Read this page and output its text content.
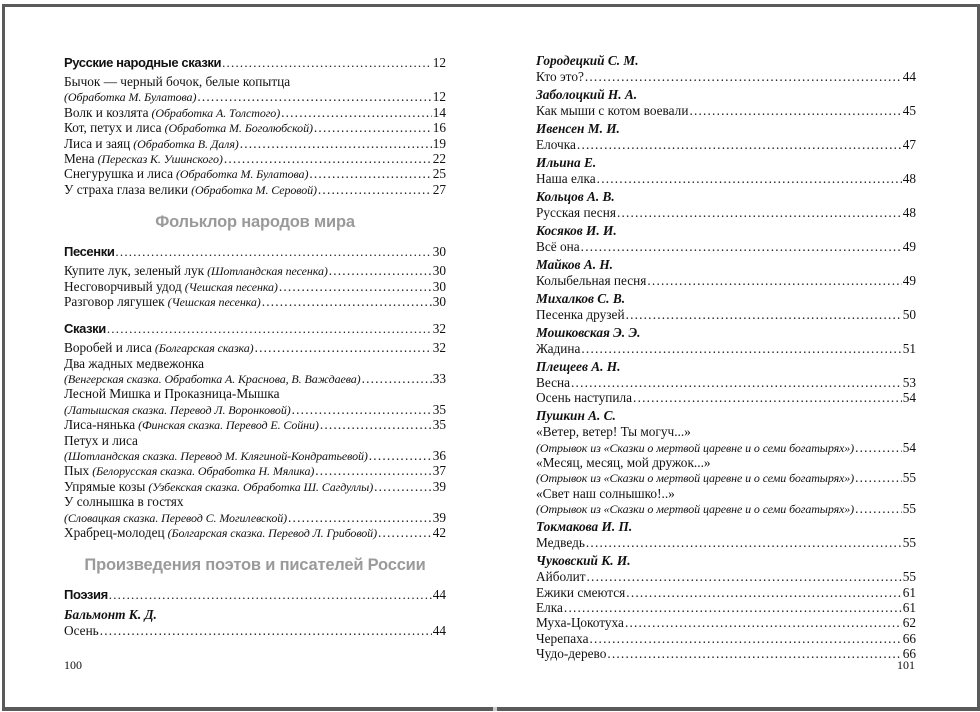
Русские народные сказки .....	12
Бычок — черный бочок, белые копытца
(Обработка М. Булатова) .....	12
Волк и козлята (Обработка А. Толстого) .....	14
Кот, петух и лиса (Обработка М. Боголюбской) .....	16
Лиса и заяц (Обработка В. Даля) .....	19
Мена (Пересказ К. Ушинского) .....	22
Снегурушка и лиса (Обработка М. Булатова) .....	25
У страха глаза велики (Обработка М. Серовой) .....	27
Фольклор народов мира
Песенки .....	30
Купите лук, зеленый лук (Шотландская песенка) .....	30
Несговорчивый удод (Чешская песенка) .....	30
Разговор лягушек (Чешская песенка) .....	30
Сказки .....	32
Воробей и лиса (Болгарская сказка) .....	32
Два жадных медвежонка
(Венгерская сказка. Обработка А. Краснова, В. Важдаева) .....	33
Лесной Мишка и Проказница-Мышка
(Латышская сказка. Перевод Л. Воронковой) .....	35
Лиса-нянька (Финская сказка. Перевод Е. Сойни) .....	35
Петух и лиса
(Шотландская сказка. Перевод М. Клягиной-Кондратьевой) .....	36
Пых (Белорусская сказка. Обработка Н. Мялика) .....	37
Упрямые козы (Узбекская сказка. Обработка Ш. Сагдуллы) .....	39
У солнышка в гостях
(Словацкая сказка. Перевод С. Могилевской) .....	39
Храбрец-молодец (Болгарская сказка. Перевод Л. Грибовой) .....	42
Произведения поэтов и писателей России
Поэзия .....	44
Бальмонт К. Д.
Осень .....	44
Городецкий С. М.
Кто это? .....	44
Заболоцкий Н. А.
Как мыши с котом воевали .....	45
Ивенсен М. И.
Елочка .....	47
Ильина Е.
Наша елка .....	48
Кольцов А. В.
Русская песня .....	48
Косяков И. И.
Всё она .....	49
Майков А. Н.
Колыбельная песня .....	49
Михалков С. В.
Песенка друзей .....	50
Мошковская Э. Э.
Жадина .....	51
Плещеев А. Н.
Весна .....	53
Осень наступила .....	54
Пушкин А. С.
«Ветер, ветер! Ты могуч...»
(Отрывок из «Сказки о мертвой царевне и о семи богатырях») .....	54
«Месяц, месяц, мой дружок...»
(Отрывок из «Сказки о мертвой царевне и о семи богатырях») .....	55
«Свет наш солнышко!..»
(Отрывок из «Сказки о мертвой царевне и о семи богатырях») .....	55
Токмакова И. П.
Медведь .....	55
Чуковский К. И.
Айболит .....	55
Ежики смеются .....	61
Елка .....	61
Муха-Цокотуха .....	62
Черепаха .....	66
Чудо-дерево .....	66
100	101
